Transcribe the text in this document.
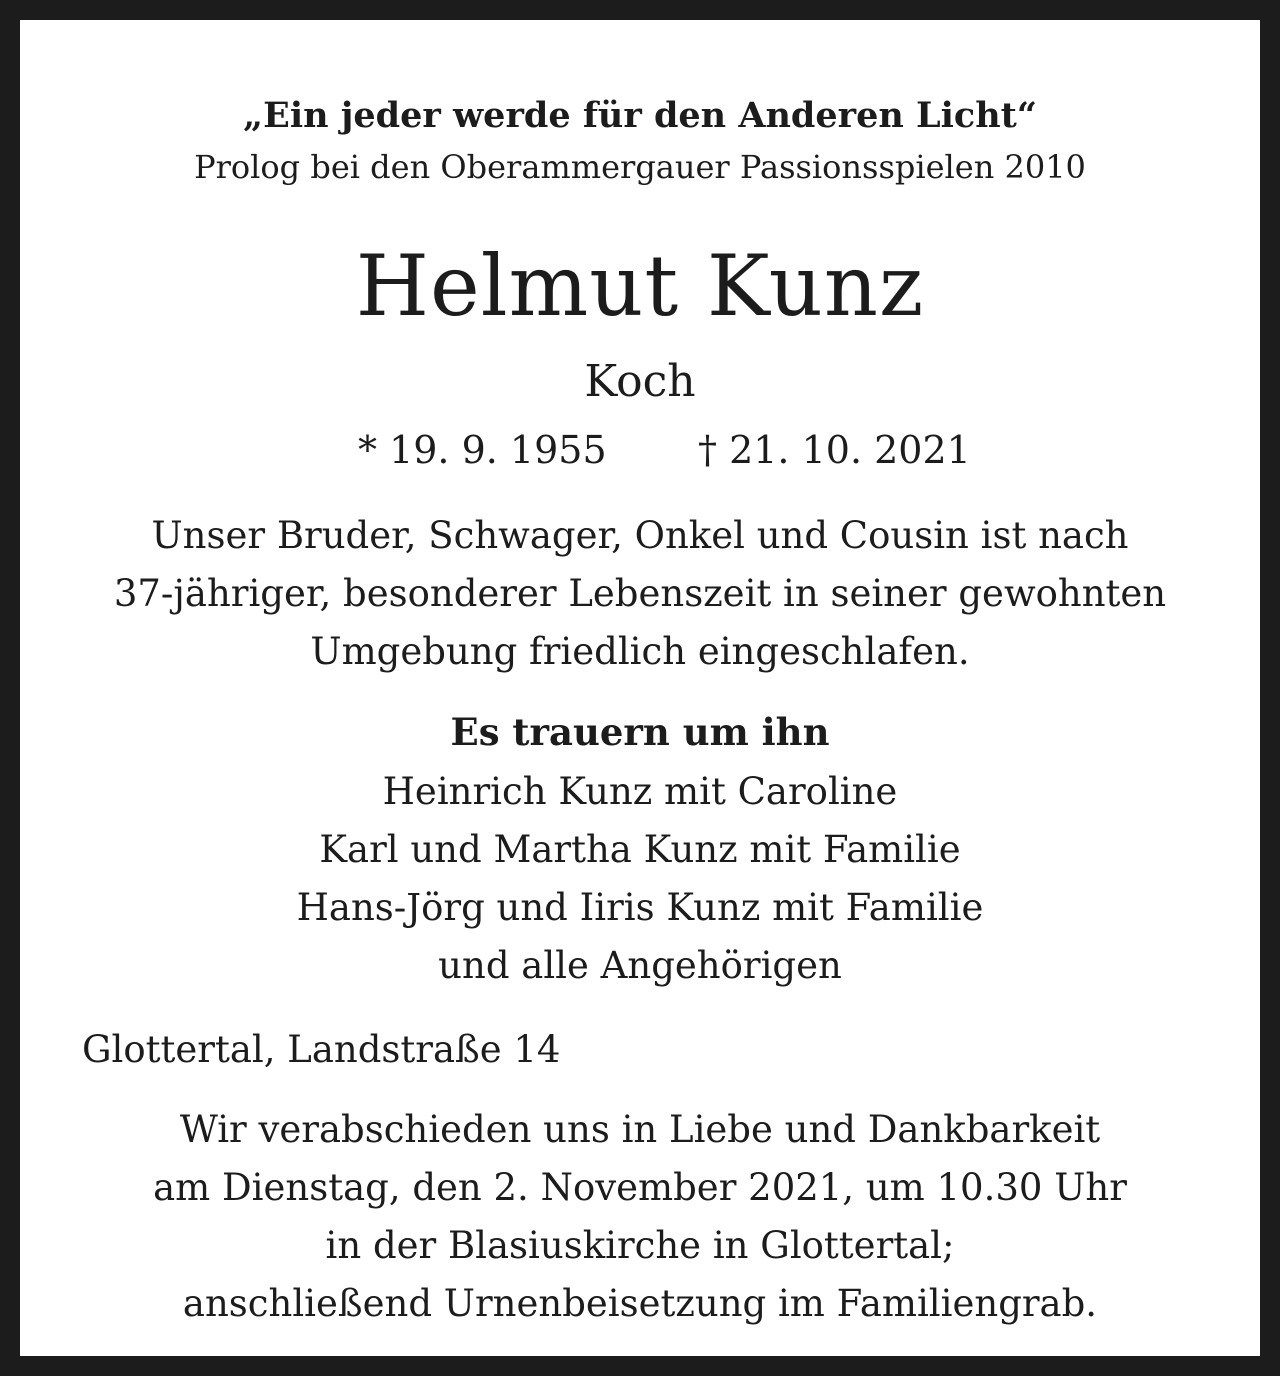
„Ein jeder werde für den Anderen Licht“
Prolog bei den Oberammergauer Passionsspielen 2010
Helmut Kunz
Koch
* 19. 9. 1955 † 21. 10. 2021
Unser Bruder, Schwager, Onkel und Cousin ist nach
37-jähriger, besonderer Lebenszeit in seiner gewohnten
Umgebung friedlich eingeschlafen.
Es trauern um ihn
Heinrich Kunz mit Caroline
Karl und Martha Kunz mit Familie
Hans-Jörg und Iiris Kunz mit Familie
und alle Angehörigen
Glottertal, Landstraße 14
Wir verabschieden uns in Liebe und Dankbarkeit
am Dienstag, den 2. November 2021, um 10.30 Uhr
in der Blasiuskirche in Glottertal;
anschließend Urnenbeisetzung im Familiengrab.
